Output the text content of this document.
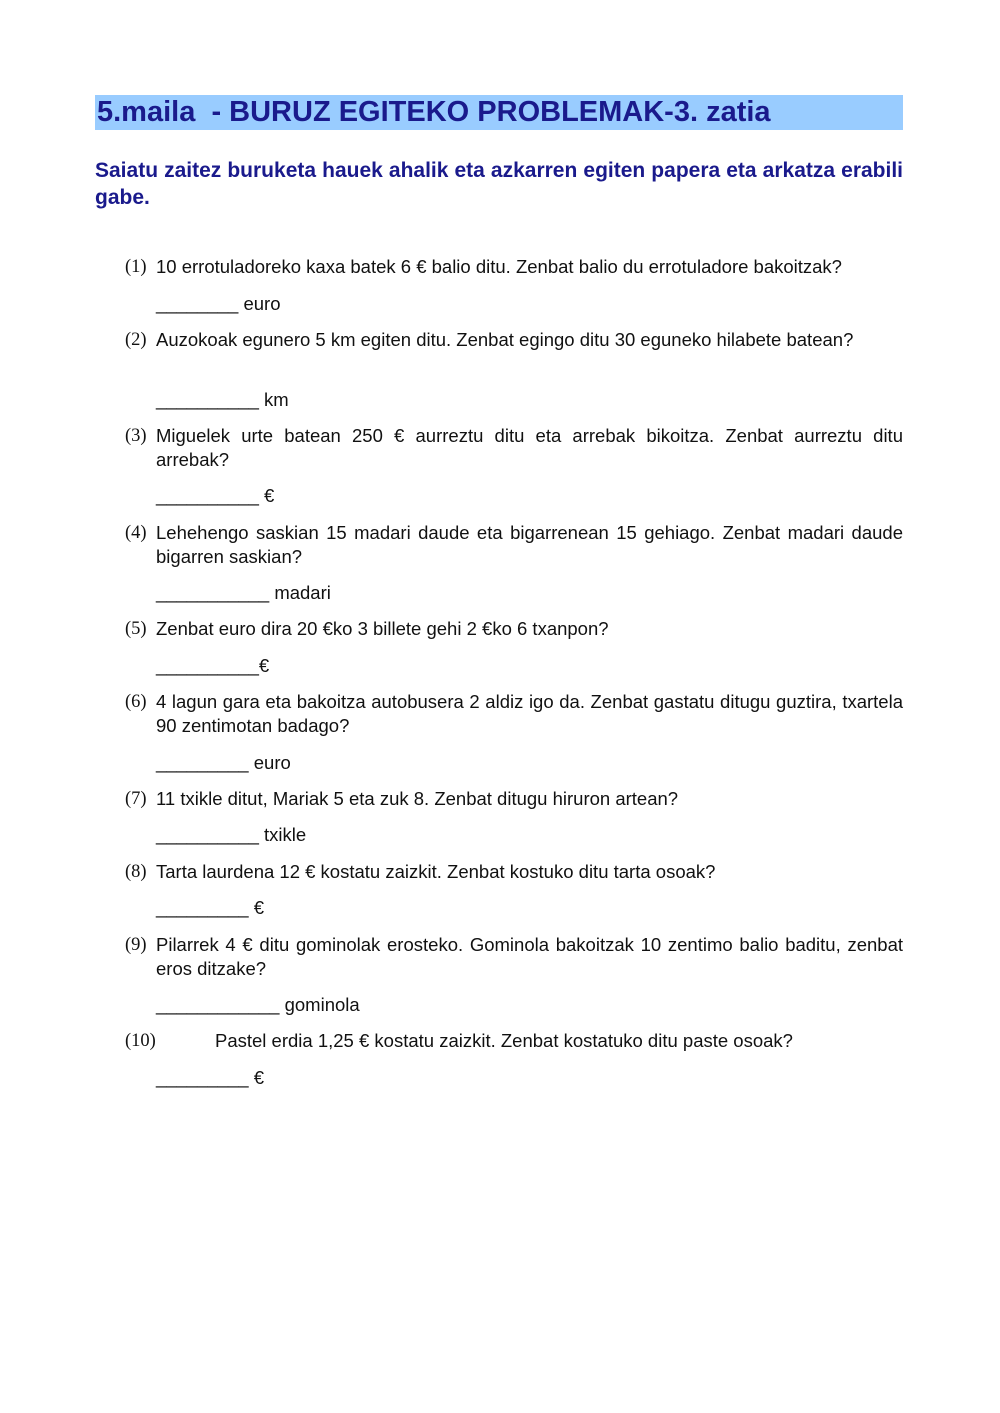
5.maila  - BURUZ EGITEKO PROBLEMAK-3. zatia
Saiatu zaitez buruketa hauek ahalik eta azkarren egiten papera eta arkatza erabili gabe.
(1) 10 errotuladoreko kaxa batek 6 € balio ditu. Zenbat balio du errotuladore bakoitzak?
________ euro
(2) Auzokoak egunero 5 km egiten ditu. Zenbat egingo ditu 30 eguneko hilabete batean?
__________ km
(3) Miguelek urte batean 250 € aurreztu ditu eta arrebak bikoitza. Zenbat aurreztu ditu arrebak?
__________ €
(4) Lehehengo saskian 15 madari daude eta bigarrenean 15 gehiago. Zenbat madari daude bigarren saskian?
___________ madari
(5) Zenbat euro dira 20 €ko 3 billete gehi 2 €ko 6 txanpon?
__________€
(6) 4 lagun gara eta bakoitza autobusera 2 aldiz igo da. Zenbat gastatu ditugu guztira, txartela 90 zentimotan badago?
_________ euro
(7) 11 txikle ditut, Mariak 5 eta zuk 8. Zenbat ditugu hiruron artean?
__________ txikle
(8) Tarta laurdena 12 € kostatu zaizkit. Zenbat kostuko ditu tarta osoak?
_________ €
(9) Pilarrek 4 € ditu gominolak erosteko. Gominola bakoitzak 10 zentimo balio baditu, zenbat eros ditzake?
____________ gominola
(10)	Pastel erdia 1,25 € kostatu zaizkit. Zenbat kostatuko ditu paste osoak?
_________ €
